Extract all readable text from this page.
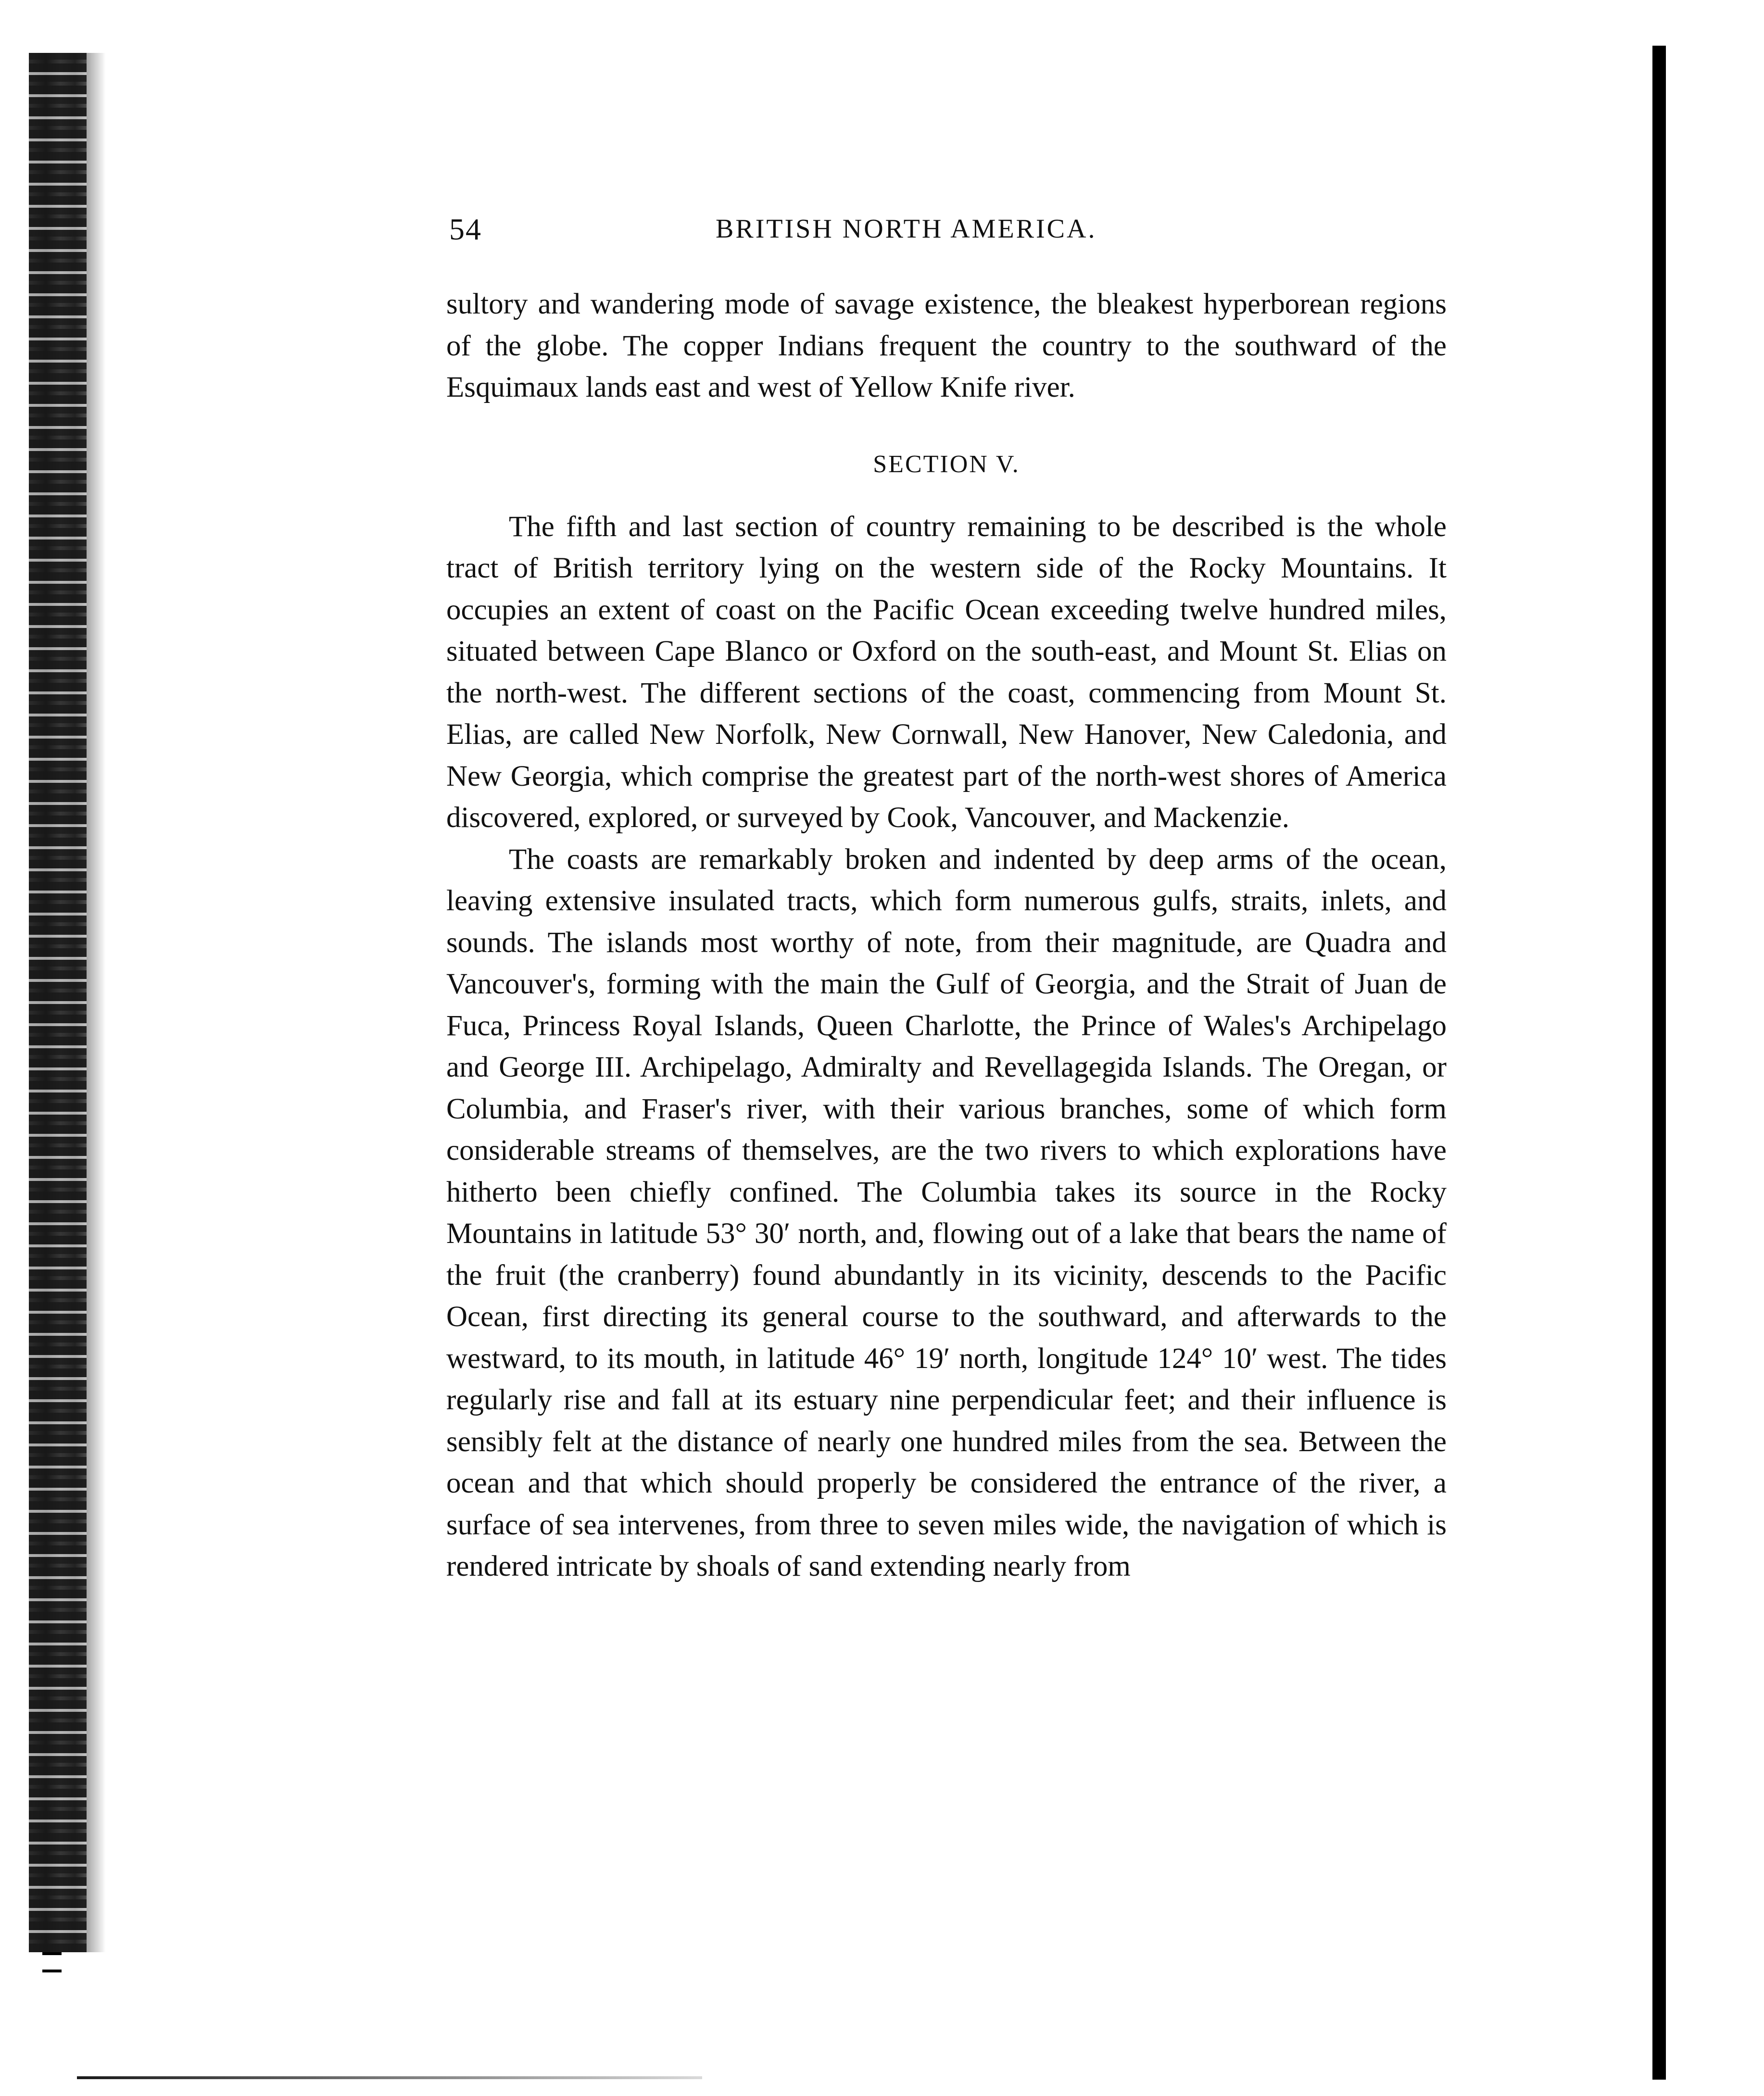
54	BRITISH NORTH AMERICA.

sultory and wandering mode of savage existence, the bleakest hyperborean regions of the globe. The copper Indians frequent the country to the southward of the Esquimaux lands east and west of Yellow Knife river.

SECTION V.

The fifth and last section of country remaining to be described is the whole tract of British territory lying on the western side of the Rocky Mountains. It occupies an extent of coast on the Pacific Ocean exceeding twelve hundred miles, situated between Cape Blanco or Oxford on the south-east, and Mount St. Elias on the north-west. The different sections of the coast, commencing from Mount St. Elias, are called New Norfolk, New Cornwall, New Hanover, New Caledonia, and New Georgia, which comprise the greatest part of the north-west shores of America discovered, explored, or surveyed by Cook, Vancouver, and Mackenzie.

The coasts are remarkably broken and indented by deep arms of the ocean, leaving extensive insulated tracts, which form numerous gulfs, straits, inlets, and sounds. The islands most worthy of note, from their magnitude, are Quadra and Vancouver's, forming with the main the Gulf of Georgia, and the Strait of Juan de Fuca, Princess Royal Islands, Queen Charlotte, the Prince of Wales's Archipelago and George III. Archipelago, Admiralty and Revellagegida Islands. The Oregan, or Columbia, and Fraser's river, with their various branches, some of which form considerable streams of themselves, are the two rivers to which explorations have hitherto been chiefly confined. The Columbia takes its source in the Rocky Mountains in latitude 53° 30′ north, and, flowing out of a lake that bears the name of the fruit (the cranberry) found abundantly in its vicinity, descends to the Pacific Ocean, first directing its general course to the southward, and afterwards to the westward, to its mouth, in latitude 46° 19′ north, longitude 124° 10′ west. The tides regularly rise and fall at its estuary nine perpendicular feet; and their influence is sensibly felt at the distance of nearly one hundred miles from the sea. Between the ocean and that which should properly be considered the entrance of the river, a surface of sea intervenes, from three to seven miles wide, the navigation of which is rendered intricate by shoals of sand extending nearly from
